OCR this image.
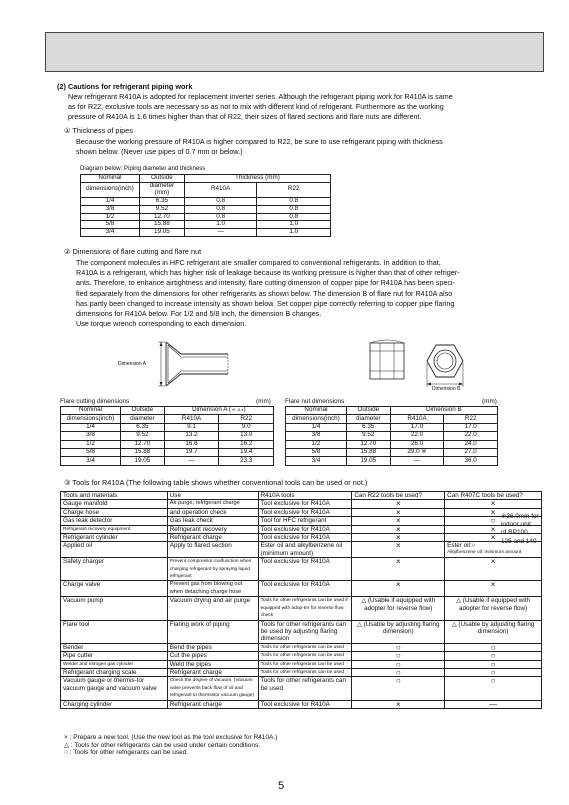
(2) Cautions for refrigerant piping work
New refrigerant R410A is adopted for replacement inverter series. Although the refrigerant piping work for R410A is same
as for R22, exclusive tools are necessary so as not to mix with different kind of refrigerant. Furthermore as the working
pressure of R410A is 1.6 times higher than that of R22, their sizes of flared sections and flare nuts are different.
① Thickness of pipes
Because the working pressure of R410A is higher compared to R22, be sure to use refrigerant piping with thickness
shown below. (Never use pipes of 0.7 mm or below.)
Diagram below: Piping diameter and thickness
Nominal	Outside	Thickness (mm)	
dimensions(inch)	diameter (mm)	R410A	R22
1/4	6.35	0.8	0.8
3/8	9.52	0.8	0.8
1/2	12.70	0.8	0.8
5/8	15.88	1.0	1.0
3/4	19.05	—	1.0
② Dimensions of flare cutting and flare nut
The component molecules in HFC refrigerant are smaller compared to conventional refrigerants. In addition to that,
R410A is a refrigerant, which has higher risk of leakage because its working pressure is higher than that of other refriger-
ants. Therefore, to enhance airtightness and intensity, flare cutting dimension of copper pipe for R410A has been speci-
fied separately from the dimensions for other refrigerants as shown below. The dimension B of flare nut for R410A also
has partly been changed to increase intensity as shown below. Set copper pipe correctly referring to copper pipe flaring
dimensions for R410A below. For 1/2 and 5/8 inch, the dimension B changes.
Use torque wrench corresponding to each dimension.
Dimension A
Dimension B
Flare cutting dimensions	(mm)
Nominal	Outside	Dimension A (+0 -0.4)	
dimensions(inch)	diameter	R410A	R22
1/4	6.35	9.1	9.0
3/8	9.52	13.2	13.0
1/2	12.70	16.6	16.2
5/8	15.88	19.7	19.4
3/4	19.05	—	23.3
Flare nut dimensions	(mm)
Nominal	Outside	Dimension B	
dimensions(inch)	diameter	R410A	R22
1/4	6.35	17.0	17.0
3/8	9.52	22.0	22.0
1/2	12.70	26.0	24.0
5/8	15.88	29.0 ※	27.0
3/4	19.05	—	36.0
※36.0mm for
indoor unit
of RP100,
125 and 140
③ Tools for R410A (The following table shows whether conventional tools can be used or not.)
Tools and materials	Use	R410A tools	Can R22 tools be used?	Can R407C tools be used?
Gauge manifold	Air purge, refrigerant charge	Tool exclusive for R410A	×	×
Charge hose	and operation check	Tool exclusive for R410A	×	×
Gas leak detector	Gas leak check	Tool for HFC refrigerant	×	○
Refrigerant recovery equipment	Refrigerant recovery	Tool exclusive for R410A	×	×
Refrigerant cylinder	Refrigerant charge	Tool exclusive for R410A	×	×
Applied oil	Apply to flared section	Ester oil and alkylbenzene oil (minimum amount)	×	Ester oil:○
Alkylbenzene oil: minimum amount

Safety charger	Prevent compressor malfunction when charging refrigerant by spraying liquid refrigerant	Tool exclusive for R410A	×	×
Charge valve	Prevent gas from blowing out when detaching charge hose	Tool exclusive for R410A	×	×
Vacuum pump	Vacuum drying and air purge	Tools for other refrigerants can be used if equipped with adop-ter for reverse flow check	△ (Usable if equipped with adopter for reverse flow)	△ (Usable if equipped with adopter for reverse flow)
Flare tool	Flaring work of piping	Tools for other refrigerants can be used by adjusting flaring dimension	△ (Usable by adjusting flaring dimension)	△ (Usable by adjusting flaring dimension)
Bender	Bend the pipes	Tools for other refrigerants can be used	○	○
Pipe cutter	Cut the pipes	Tools for other refrigerants can be used	○	○
Welder and nitrogen gas cylinder	Weld the pipes	Tools for other refrigerants can be used	○	○
Refrigerant charging scale	Refrigerant charge	Tools for other refrigerants can be used	○	○
Vacuum gauge or thermis-tor vacuum gauge and vacuum valve	Check the degree of vacuum. (Vacuum valve prevents back flow of oil and refrigerant to thermistor vacuum gauge)	Tools for other refrigerants can be used	○	○
Charging cylinder	Refrigerant charge	Tool exclusive for R410A	×	—
× : Prepare a new tool. (Use the new tool as the tool exclusive for R410A.)
△ : Tools for other refrigerants can be used under certain conditions.
○ : Tools for other refrigerants can be used.
5
